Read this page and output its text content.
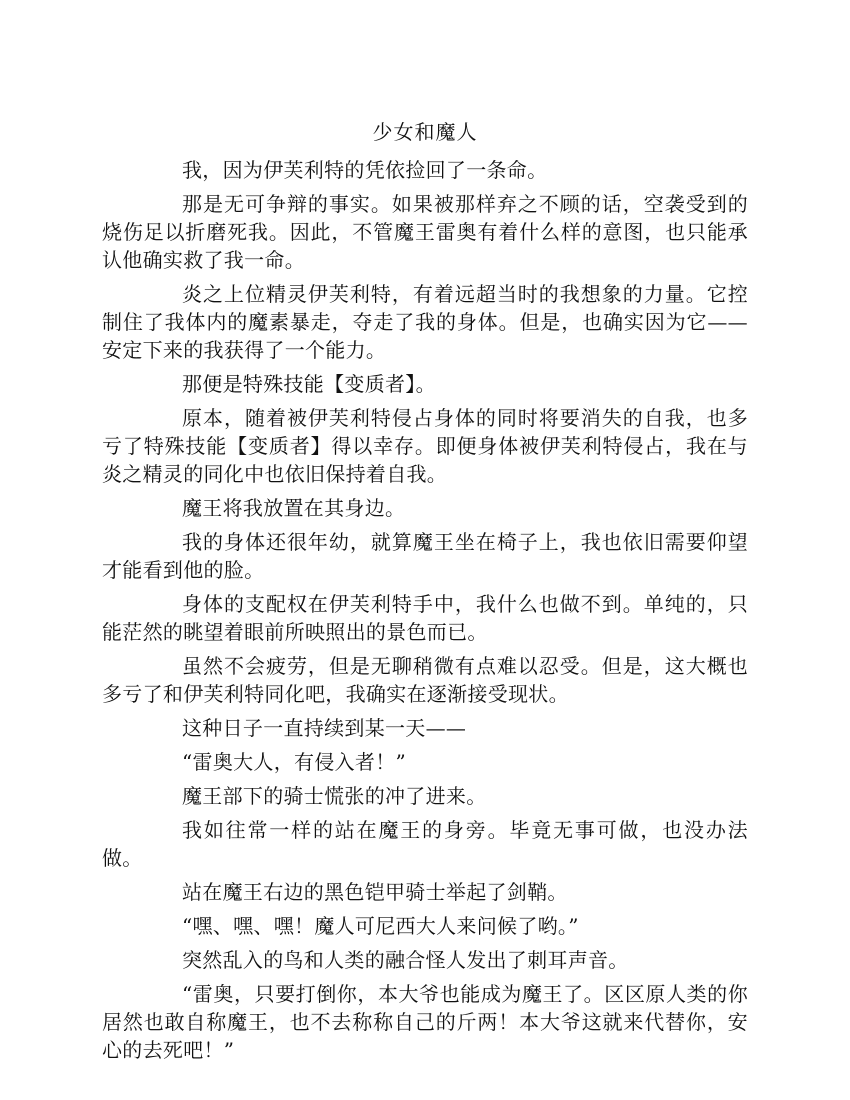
少女和魔人

我，因为伊芙利特的凭依捡回了一条命。

那是无可争辩的事实。如果被那样弃之不顾的话，空袭受到的烧伤足以折磨死我。因此，不管魔王雷奥有着什么样的意图，也只能承认他确实救了我一命。

炎之上位精灵伊芙利特，有着远超当时的我想象的力量。它控制住了我体内的魔素暴走，夺走了我的身体。但是，也确实因为它——安定下来的我获得了一个能力。

那便是特殊技能【变质者】。

原本，随着被伊芙利特侵占身体的同时将要消失的自我，也多亏了特殊技能【变质者】得以幸存。即便身体被伊芙利特侵占，我在与炎之精灵的同化中也依旧保持着自我。

魔王将我放置在其身边。

我的身体还很年幼，就算魔王坐在椅子上，我也依旧需要仰望才能看到他的脸。

身体的支配权在伊芙利特手中，我什么也做不到。单纯的，只能茫然的眺望着眼前所映照出的景色而已。

虽然不会疲劳，但是无聊稍微有点难以忍受。但是，这大概也多亏了和伊芙利特同化吧，我确实在逐渐接受现状。

这种日子一直持续到某一天——

“雷奥大人，有侵入者！”

魔王部下的骑士慌张的冲了进来。

我如往常一样的站在魔王的身旁。毕竟无事可做，也没办法做。

站在魔王右边的黑色铠甲骑士举起了剑鞘。

“嘿、嘿、嘿！魔人可尼西大人来问候了哟。”

突然乱入的鸟和人类的融合怪人发出了刺耳声音。

“雷奥，只要打倒你，本大爷也能成为魔王了。区区原人类的你居然也敢自称魔王，也不去称称自己的斤两！本大爷这就来代替你，安心的去死吧！”
